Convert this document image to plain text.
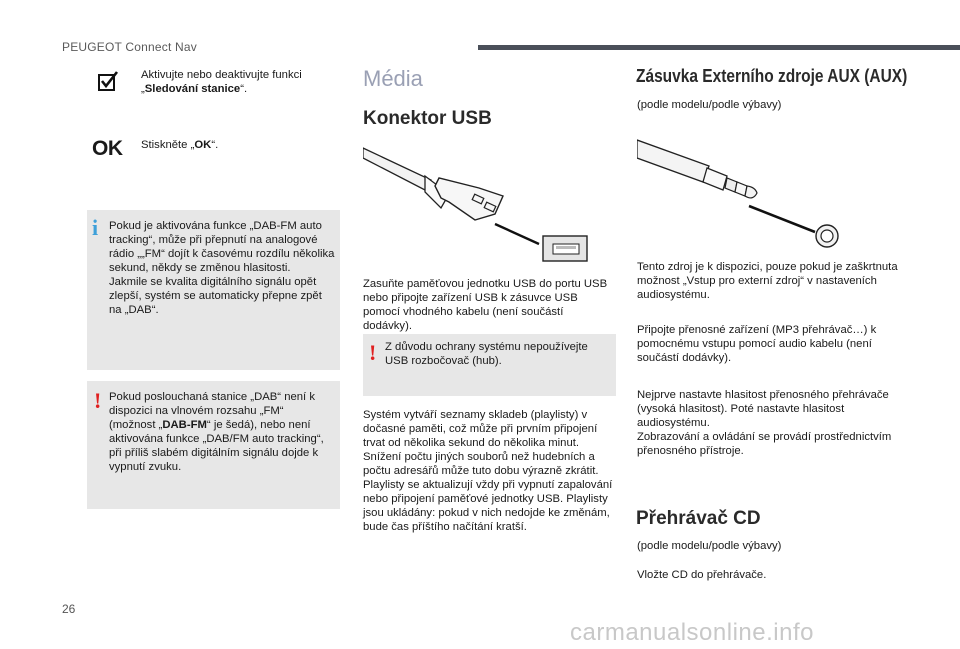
PEUGEOT Connect Nav

Aktivujte nebo deaktivujte funkci „Sledování stanice“.

OK Stiskněte „OK“.

i Pokud je aktivována funkce „DAB-FM auto tracking“, může při přepnutí na analogové rádio „„FM“ dojít k časovému rozdílu několika sekund, někdy se změnou hlasitosti.
Jakmile se kvalita digitálního signálu opět zlepší, systém se automaticky přepne zpět na „DAB“.

! Pokud poslouchaná stanice „DAB“ není k dispozici na vlnovém rozsahu „FM“ (možnost „DAB-FM“ je šedá), nebo není aktivována funkce „DAB/FM auto tracking“, při příliš slabém digitálním signálu dojde k vypnutí zvuku.

Média
Konektor USB

Zasuňte paměťovou jednotku USB do portu USB nebo připojte zařízení USB k zásuvce USB pomocí vhodného kabelu (není součástí dodávky).

! Z důvodu ochrany systému nepoužívejte USB rozbočovač (hub).

Systém vytváří seznamy skladeb (playlisty) v dočasné paměti, což může při prvním připojení trvat od několika sekund do několika minut.
Snížení počtu jiných souborů než hudebních a počtu adresářů může tuto dobu výrazně zkrátit.
Playlisty se aktualizují vždy při vypnutí zapalování nebo připojení paměťové jednotky USB. Playlisty jsou ukládány: pokud v nich nedojde ke změnám, bude čas příštího načítání kratší.

Zásuvka Externího zdroje AUX (AUX)

(podle modelu/podle výbavy)

Tento zdroj je k dispozici, pouze pokud je zaškrtnuta možnost „Vstup pro externí zdroj“ v nastaveních audiosystému.

Připojte přenosné zařízení (MP3 přehrávač…) k pomocnému vstupu pomocí audio kabelu (není součástí dodávky).

Nejprve nastavte hlasitost přenosného přehrávače (vysoká hlasitost). Poté nastavte hlasitost audiosystému.
Zobrazování a ovládání se provádí prostřednictvím přenosného přístroje.

Přehrávač CD

(podle modelu/podle výbavy)

Vložte CD do přehrávače.

26
carmanualsonline.info
